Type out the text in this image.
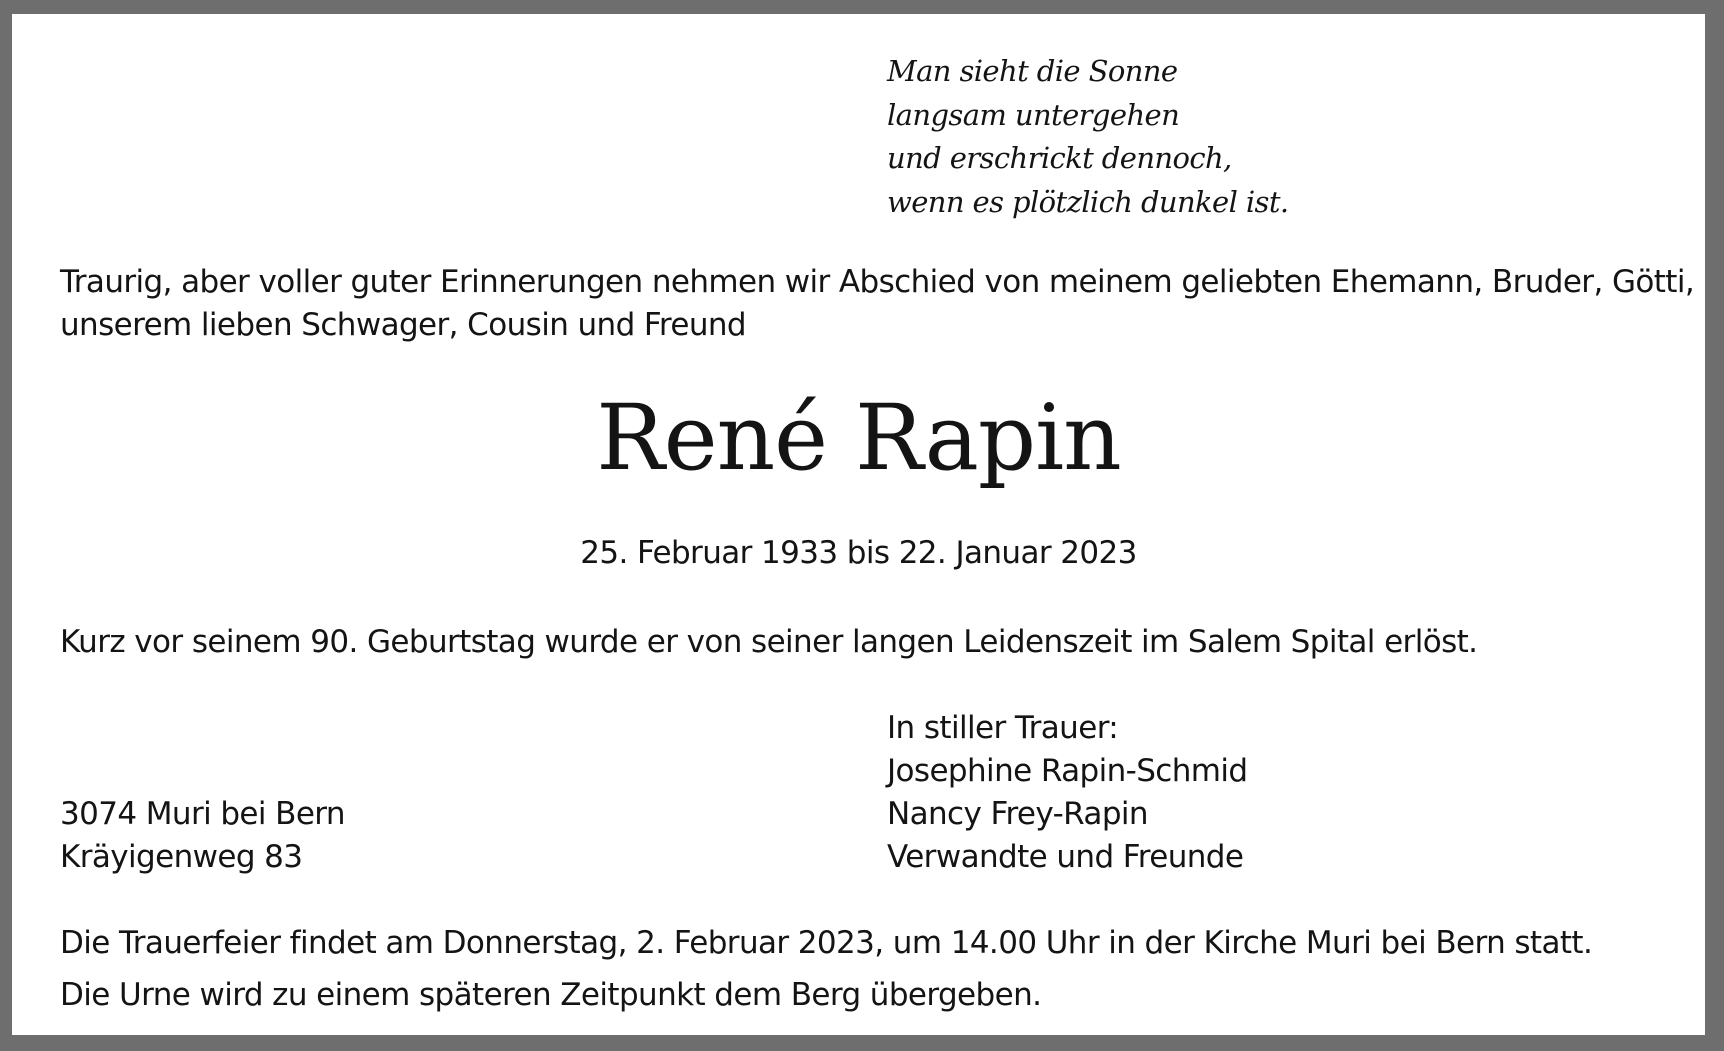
Man sieht die Sonne
langsam untergehen
und erschrickt dennoch,
wenn es plötzlich dunkel ist.
Traurig, aber voller guter Erinnerungen nehmen wir Abschied von meinem geliebten Ehemann, Bruder, Götti,
unserem lieben Schwager, Cousin und Freund
René Rapin
25. Februar 1933 bis 22. Januar 2023
Kurz vor seinem 90. Geburtstag wurde er von seiner langen Leidenszeit im Salem Spital erlöst.
In stiller Trauer:
Josephine Rapin-Schmid
Nancy Frey-Rapin
Verwandte und Freunde
3074 Muri bei Bern
Kräyigenweg 83
Die Trauerfeier findet am Donnerstag, 2. Februar 2023, um 14.00 Uhr in der Kirche Muri bei Bern statt.
Die Urne wird zu einem späteren Zeitpunkt dem Berg übergeben.
